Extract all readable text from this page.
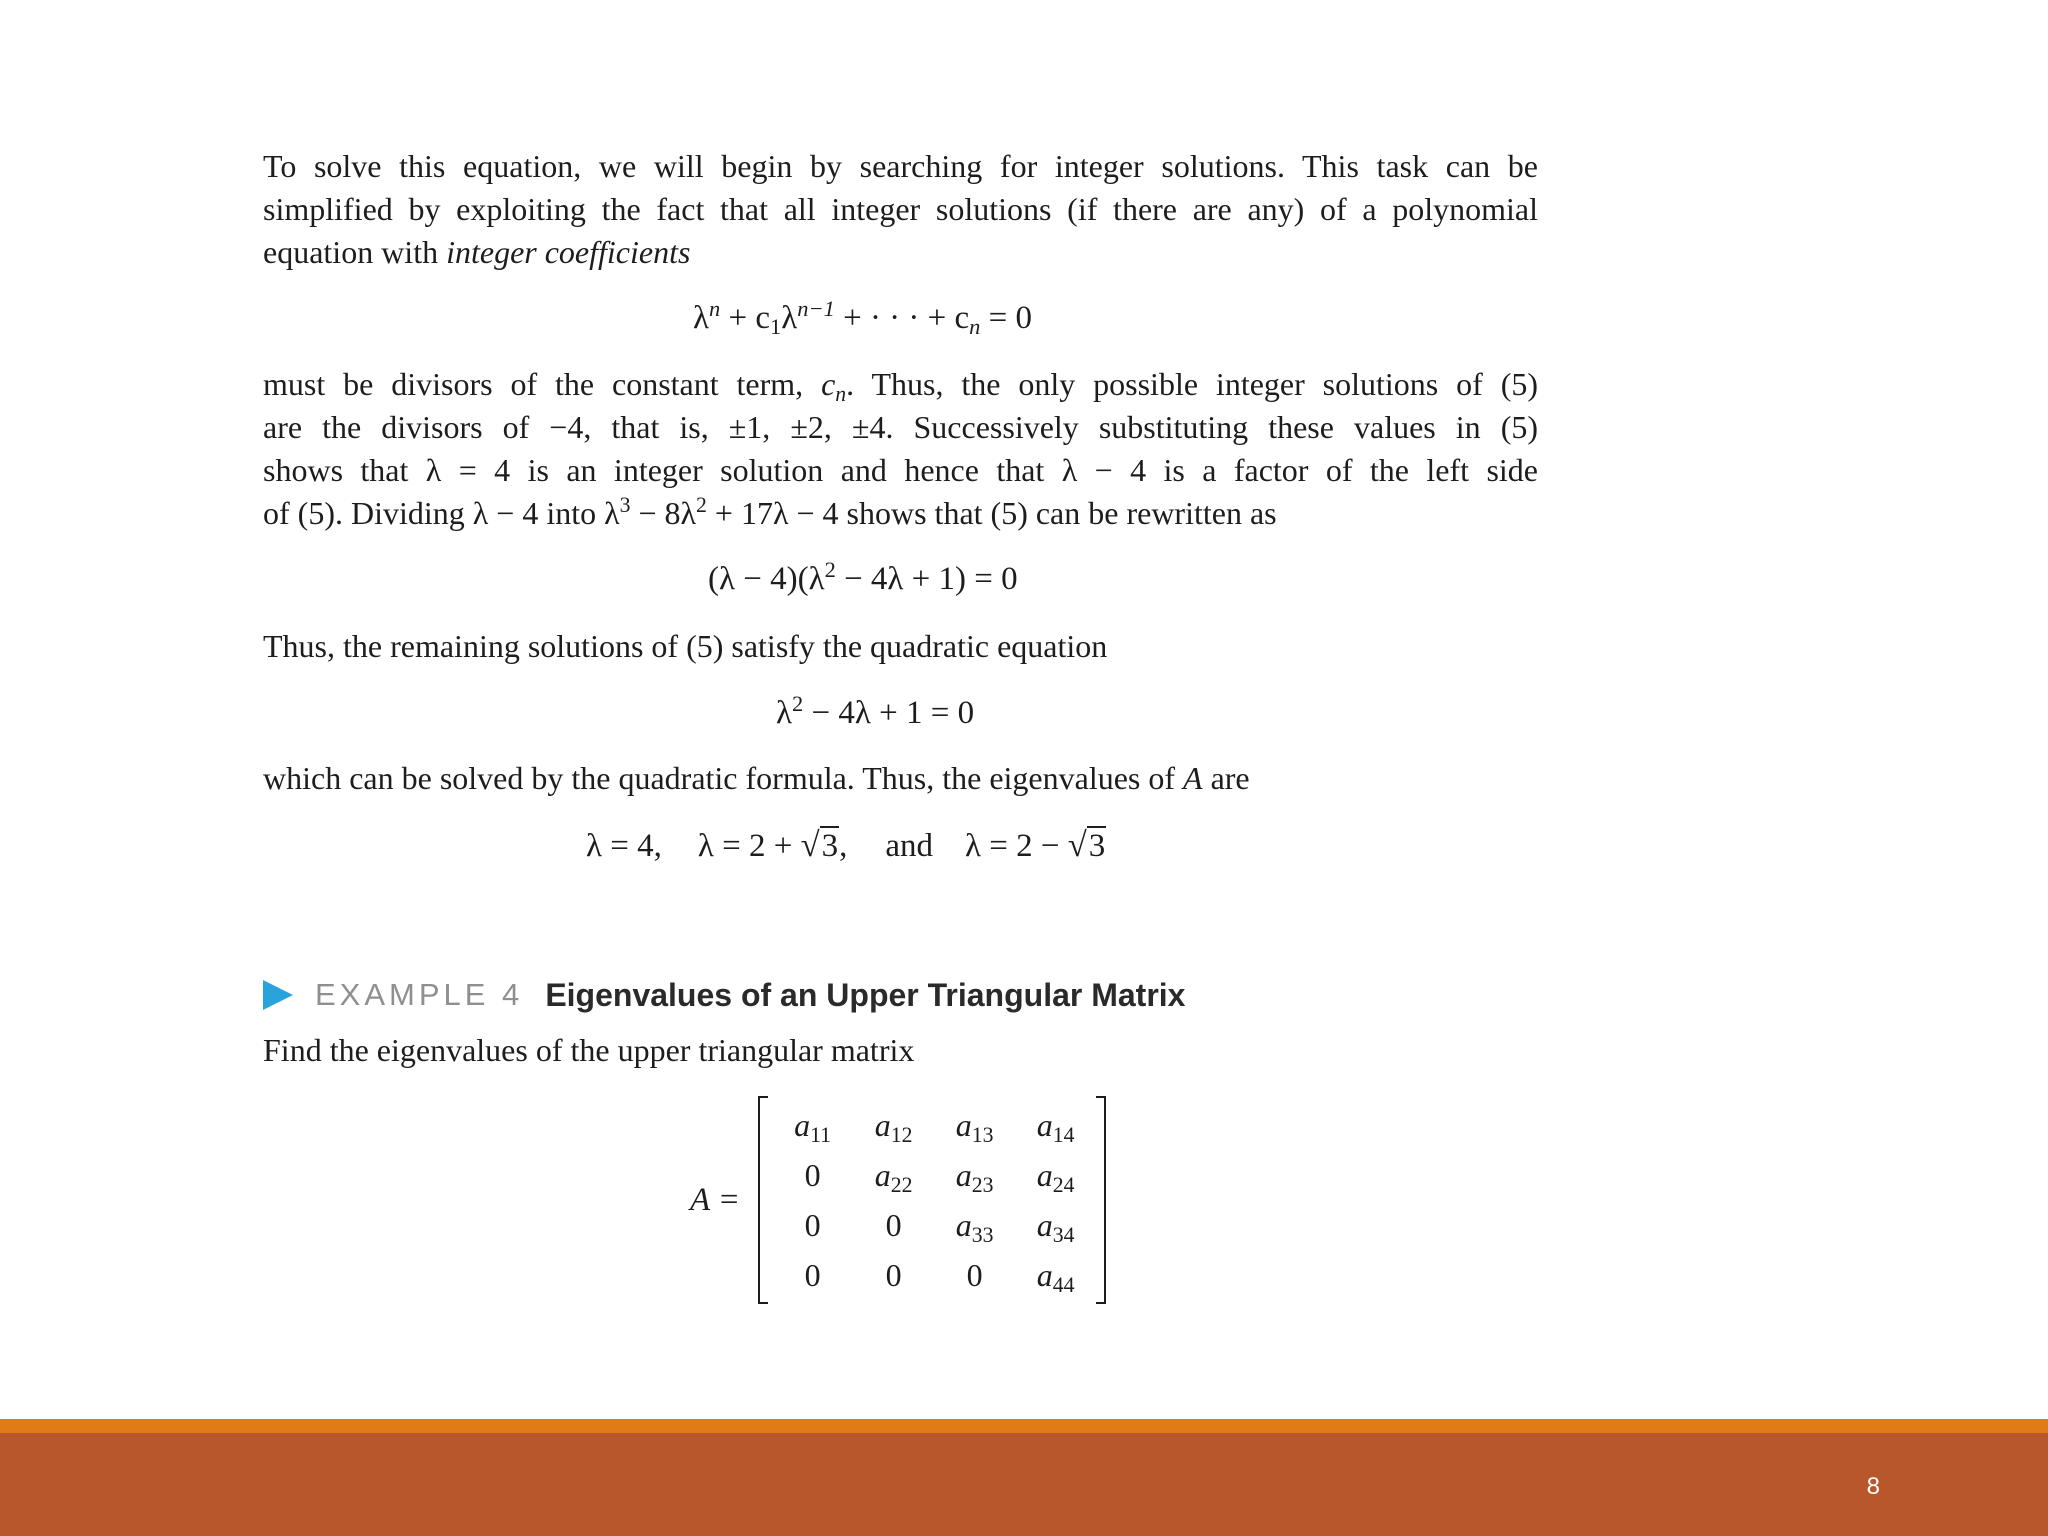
To solve this equation, we will begin by searching for integer solutions. This task can be
simplified by exploiting the fact that all integer solutions (if there are any) of a polynomial
equation with integer coefficients

$\lambda^n + c_1\lambda^{n-1}$ + · · · + $c_n = 0$

must be divisors of the constant term, $c_n$. Thus, the only possible integer solutions of (5)
are the divisors of −4, that is, ±1, ±2, ±4. Successively substituting these values in (5)
shows that λ = 4 is an integer solution and hence that λ − 4 is a factor of the left side
of (5). Dividing λ − 4 into $\lambda^3 - 8\lambda^2 + 17\lambda - 4$ shows that (5) can be rewritten as

$(\lambda - 4)(\lambda^2 - 4\lambda + 1) = 0$

Thus, the remaining solutions of (5) satisfy the quadratic equation

$\lambda^2 - 4\lambda + 1 = 0$

which can be solved by the quadratic formula. Thus, the eigenvalues of A are

λ = 4, λ = 2 + √3, and λ = 2 − √3
EXAMPLE 4 Eigenvalues of an Upper Triangular Matrix

Find the eigenvalues of the upper triangular matrix

A =
$a_{11}$	$a_{12}$	$a_{13}$	$a_{14}$
0	$a_{22}$	$a_{23}$	$a_{24}$
0	0	$a_{33}$	$a_{34}$
0	0	0	$a_{44}$
8
